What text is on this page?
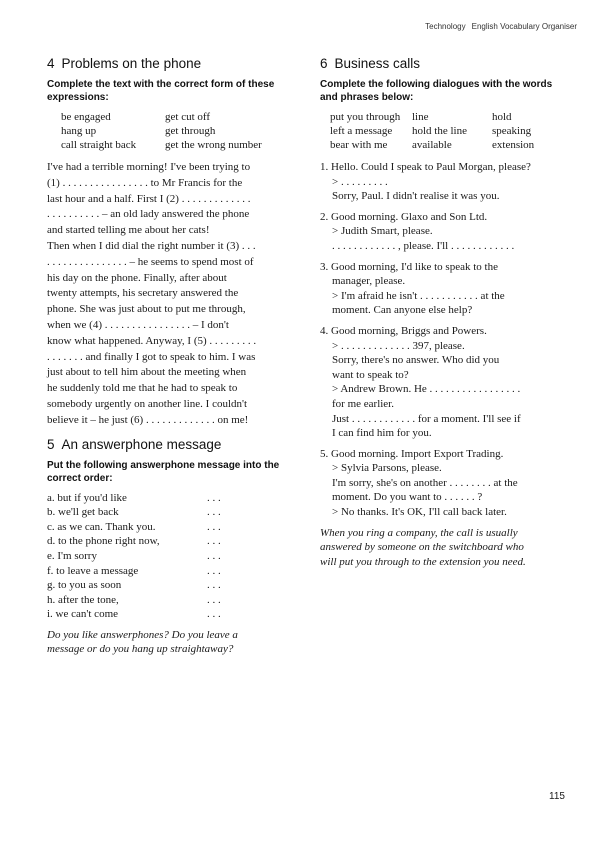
Technology English Vocabulary Organiser
4 Problems on the phone

Complete the text with the correct form of these
expressions:

be engaged	get cut off
hang up	get through
call straight back	get the wrong number
I've had a terrible morning! I've been trying to
(1) . . . . . . . . . . . . . . . . to Mr Francis for the
last hour and a half. First I (2) . . . . . . . . . . . . .
. . . . . . . . . . – an old lady answered the phone
and started telling me about her cats!
Then when I did dial the right number it (3) . . .
. . . . . . . . . . . . . . . – he seems to spend most of
his day on the phone. Finally, after about
twenty attempts, his secretary answered the
phone. She was just about to put me through,
when we (4) . . . . . . . . . . . . . . . . – I don't
know what happened. Anyway, I (5) . . . . . . . . .
. . . . . . . and finally I got to speak to him. I was
just about to tell him about the meeting when
he suddenly told me that he had to speak to
somebody urgently on another line. I couldn't
believe it – he just (6) . . . . . . . . . . . . . on me!
5 An answerphone message

Put the following answerphone message into the
correct order:

a. but if you'd like	. . .
b. we'll get back	. . .
c. as we can. Thank you.	. . .
d. to the phone right now,	. . .
e. I'm sorry	. . .
f. to leave a message	. . .
g. to you as soon	. . .
h. after the tone,	. . .
i. we can't come	. . .

Do you like answerphones? Do you leave a
message or do you hang up straightaway?

6 Business calls

Complete the following dialogues with the words
and phrases below:

put you through	line	hold
left a message	hold the line	speaking
bear with me	available	extension
1. Hello. Could I speak to Paul Morgan, please?
> . . . . . . . . .
Sorry, Paul. I didn't realise it was you.
2. Good morning. Glaxo and Son Ltd.
> Judith Smart, please.
. . . . . . . . . . . . , please. I'll . . . . . . . . . . . .
3. Good morning, I'd like to speak to the
manager, please.
> I'm afraid he isn't . . . . . . . . . . . at the
moment. Can anyone else help?
4. Good morning, Briggs and Powers.
> . . . . . . . . . . . . . 397, please.
Sorry, there's no answer. Who did you
want to speak to?
> Andrew Brown. He . . . . . . . . . . . . . . . . .
for me earlier.
Just . . . . . . . . . . . . for a moment. I'll see if
I can find him for you.
5. Good morning. Import Export Trading.
> Sylvia Parsons, please.
I'm sorry, she's on another . . . . . . . . at the
moment. Do you want to . . . . . . ?
> No thanks. It's OK, I'll call back later.

When you ring a company, the call is usually
answered by someone on the switchboard who
will put you through to the extension you need.

115
